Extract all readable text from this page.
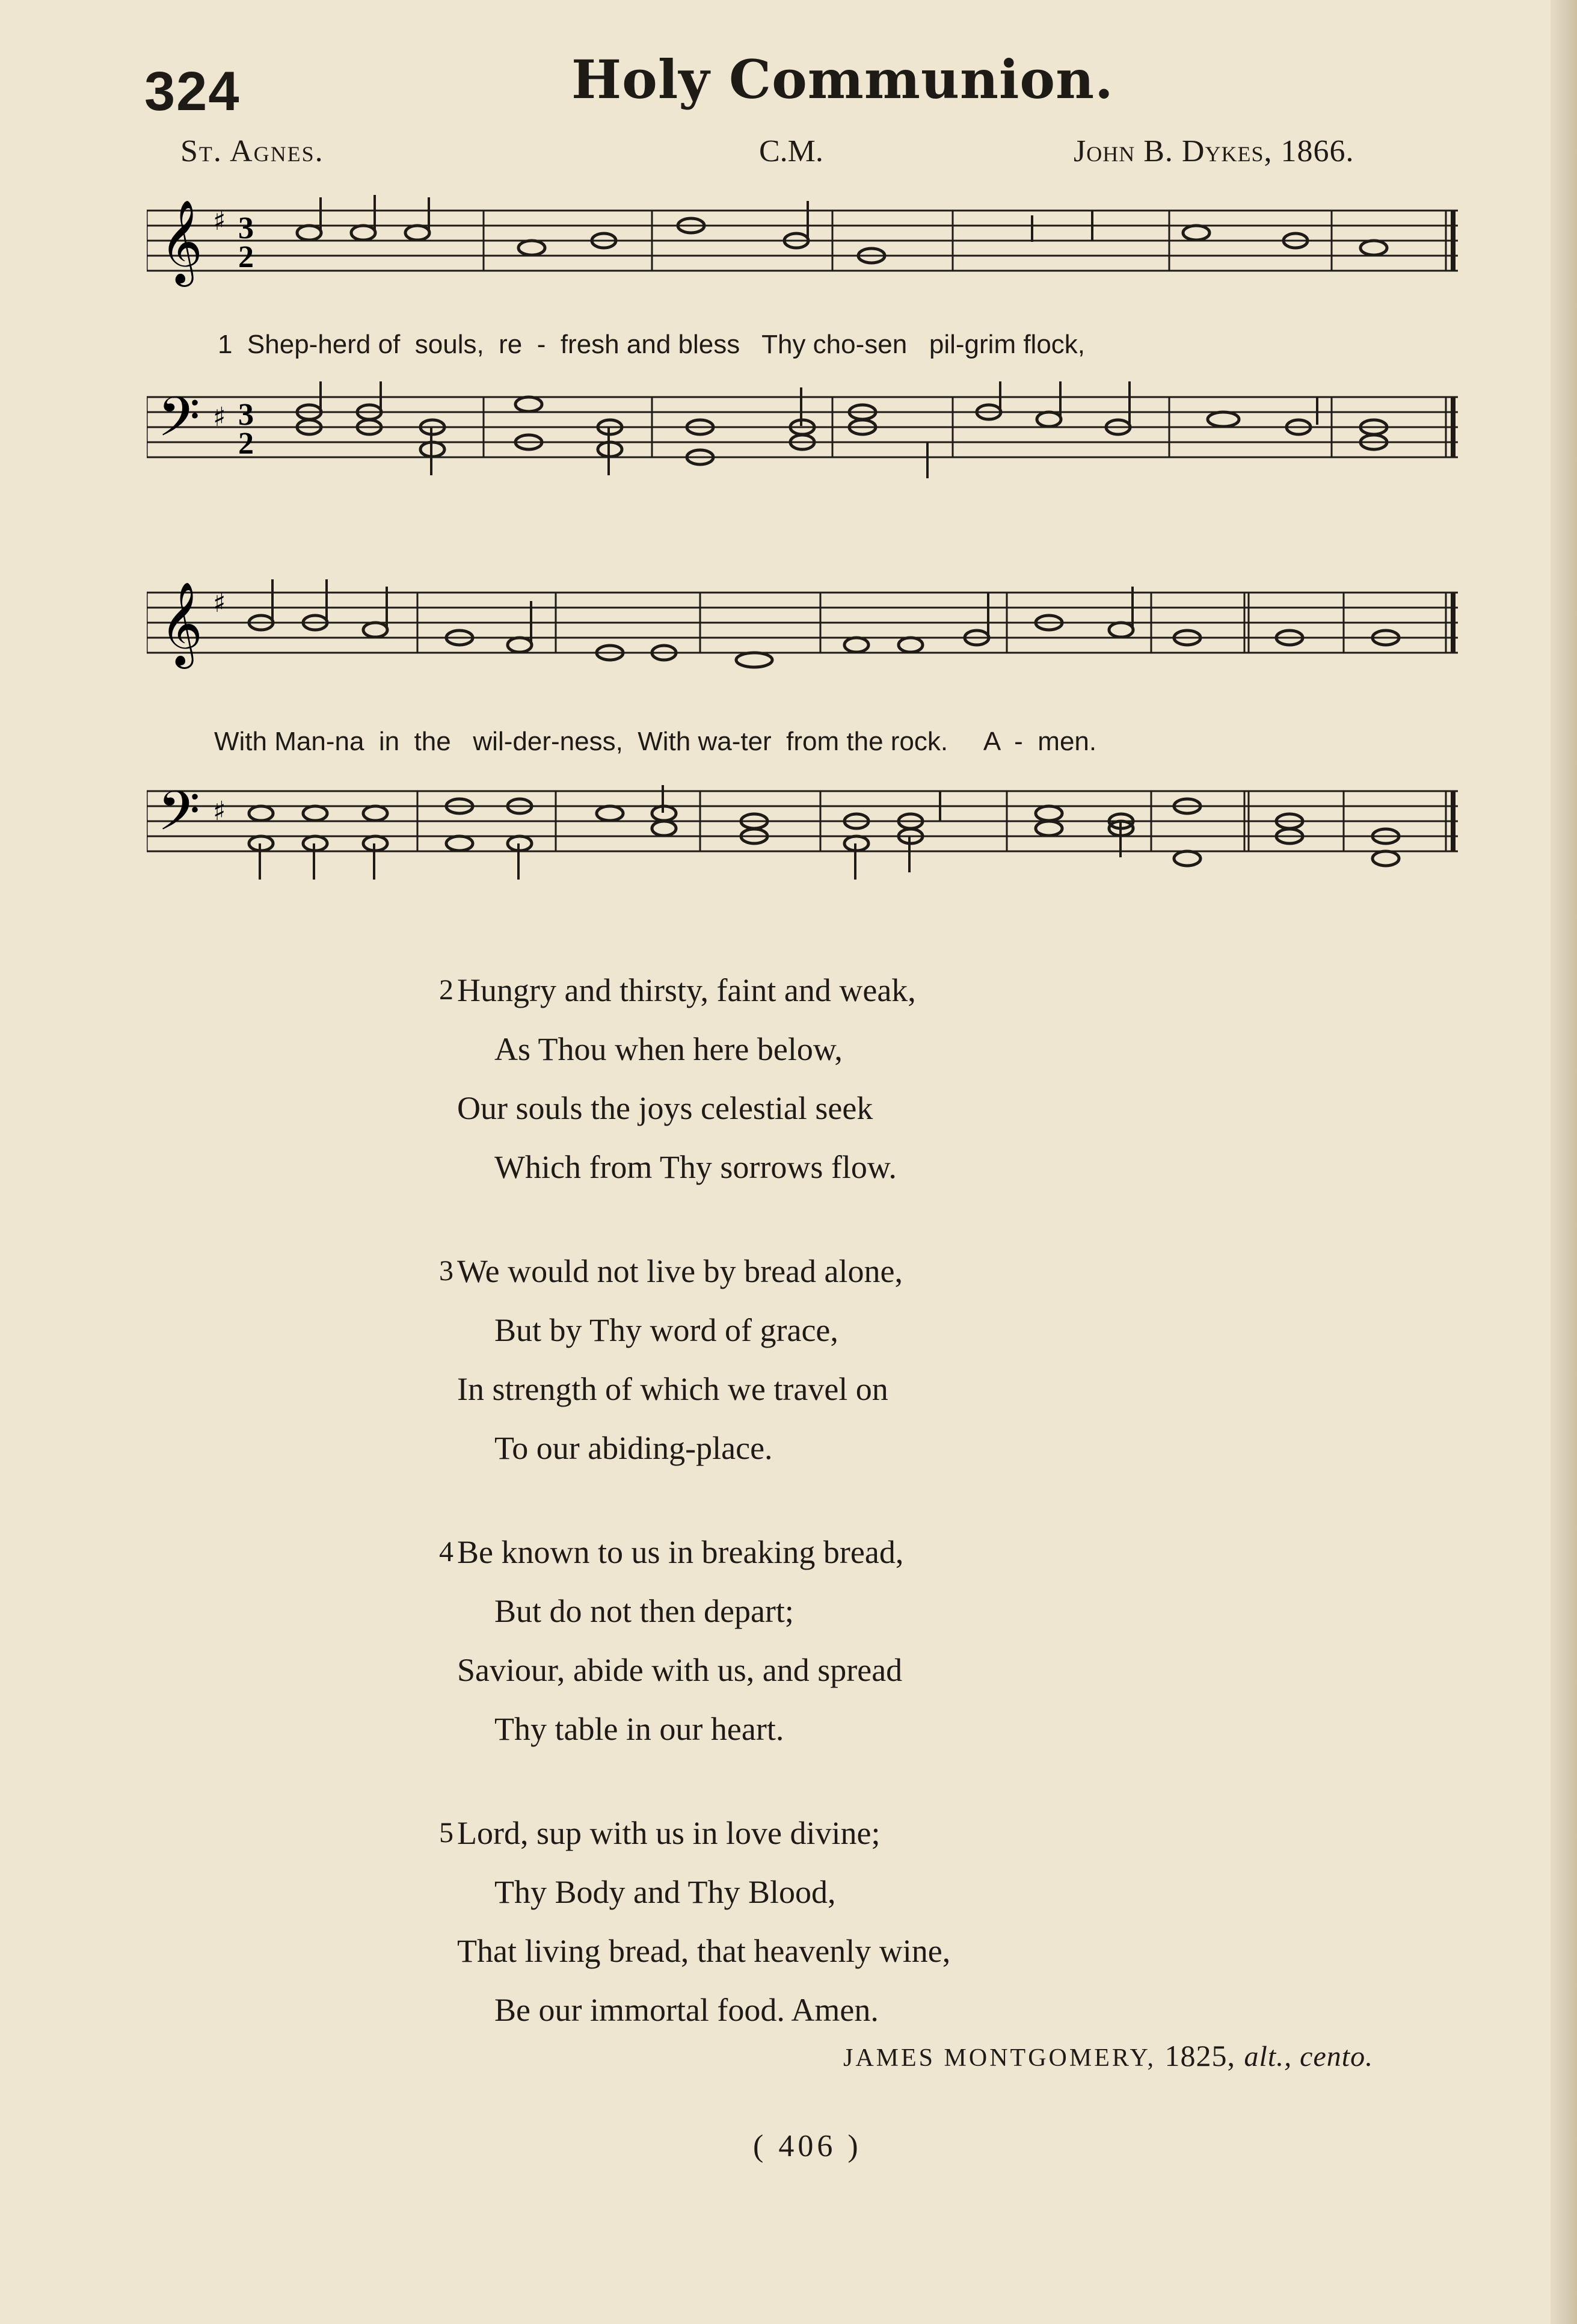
324	Holy Communion.
St. Agnes.	C.M.	John B. Dykes, 1866.
𝄞 ♯ 3
2
1  Shep-herd of  souls,  re  -  fresh and bless   Thy cho-sen   pil-grim flock,
𝄢 ♯ 3
2
𝄞 ♯
With Man-na  in  the   wil-der-ness,  With wa-ter  from the rock.     A  -  men.
𝄢 ♯
2 Hungry and thirsty, faint and weak,
As Thou when here below,
Our souls the joys celestial seek
Which from Thy sorrows flow.
3 We would not live by bread alone,
But by Thy word of grace,
In strength of which we travel on
To our abiding-place.
4 Be known to us in breaking bread,
But do not then depart;
Saviour, abide with us, and spread
Thy table in our heart.
5 Lord, sup with us in love divine;
Thy Body and Thy Blood,
That living bread, that heavenly wine,
Be our immortal food. Amen.
JAMES MONTGOMERY, 1825, alt., cento.
( 406 )
